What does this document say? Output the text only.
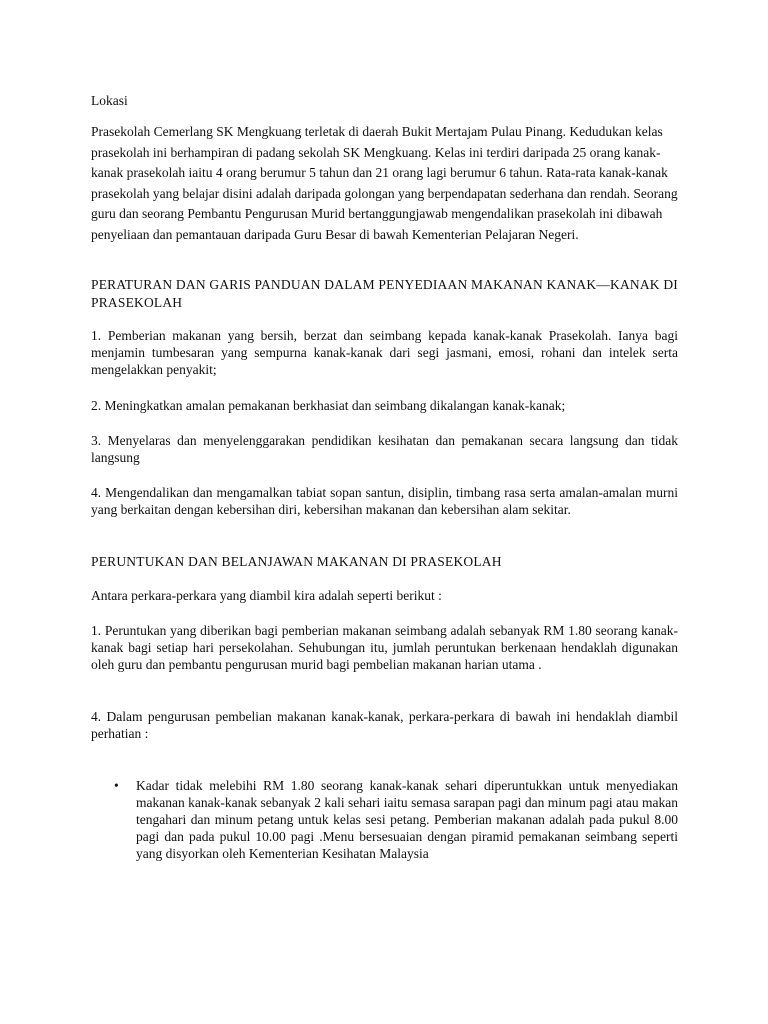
Lokasi

Prasekolah Cemerlang SK Mengkuang terletak di daerah Bukit Mertajam Pulau Pinang. Kedudukan kelas prasekolah ini berhampiran di padang sekolah SK Mengkuang. Kelas ini terdiri daripada 25 orang kanak-kanak prasekolah iaitu 4 orang berumur 5 tahun dan 21 orang lagi berumur 6 tahun. Rata-rata kanak-kanak prasekolah yang belajar disini adalah daripada golongan yang berpendapatan sederhana dan rendah. Seorang guru dan seorang Pembantu Pengurusan Murid bertanggungjawab mengendalikan prasekolah ini dibawah penyeliaan dan pemantauan daripada Guru Besar di bawah Kementerian Pelajaran Negeri.

PERATURAN DAN GARIS PANDUAN DALAM PENYEDIAAN MAKANAN KANAK—KANAK DI PRASEKOLAH

1. Pemberian makanan yang bersih, berzat dan seimbang kepada kanak-kanak Prasekolah. Ianya bagi menjamin tumbesaran yang sempurna kanak-kanak dari segi jasmani, emosi, rohani dan intelek serta mengelakkan penyakit;

2. Meningkatkan amalan pemakanan berkhasiat dan seimbang dikalangan kanak-kanak;

3. Menyelaras dan menyelenggarakan pendidikan kesihatan dan pemakanan secara langsung dan tidak langsung

4. Mengendalikan dan mengamalkan tabiat sopan santun, disiplin, timbang rasa serta amalan-amalan murni yang berkaitan dengan kebersihan diri, kebersihan makanan dan kebersihan alam sekitar.

PERUNTUKAN DAN BELANJAWAN MAKANAN DI PRASEKOLAH

Antara perkara-perkara yang diambil kira adalah seperti berikut :

1. Peruntukan yang diberikan bagi pemberian makanan seimbang adalah sebanyak RM 1.80 seorang kanak-kanak bagi setiap hari persekolahan. Sehubungan itu, jumlah peruntukan berkenaan hendaklah digunakan oleh guru dan pembantu pengurusan murid bagi pembelian makanan harian utama .

4. Dalam pengurusan pembelian makanan kanak-kanak, perkara-perkara di bawah ini hendaklah diambil perhatian :

• Kadar tidak melebihi RM 1.80 seorang kanak-kanak sehari diperuntukkan untuk menyediakan makanan kanak-kanak sebanyak 2 kali sehari iaitu semasa sarapan pagi dan minum pagi atau makan tengahari dan minum petang untuk kelas sesi petang. Pemberian makanan adalah pada pukul 8.00 pagi dan pada pukul 10.00 pagi .Menu bersesuaian dengan piramid pemakanan seimbang seperti yang disyorkan oleh Kementerian Kesihatan Malaysia
